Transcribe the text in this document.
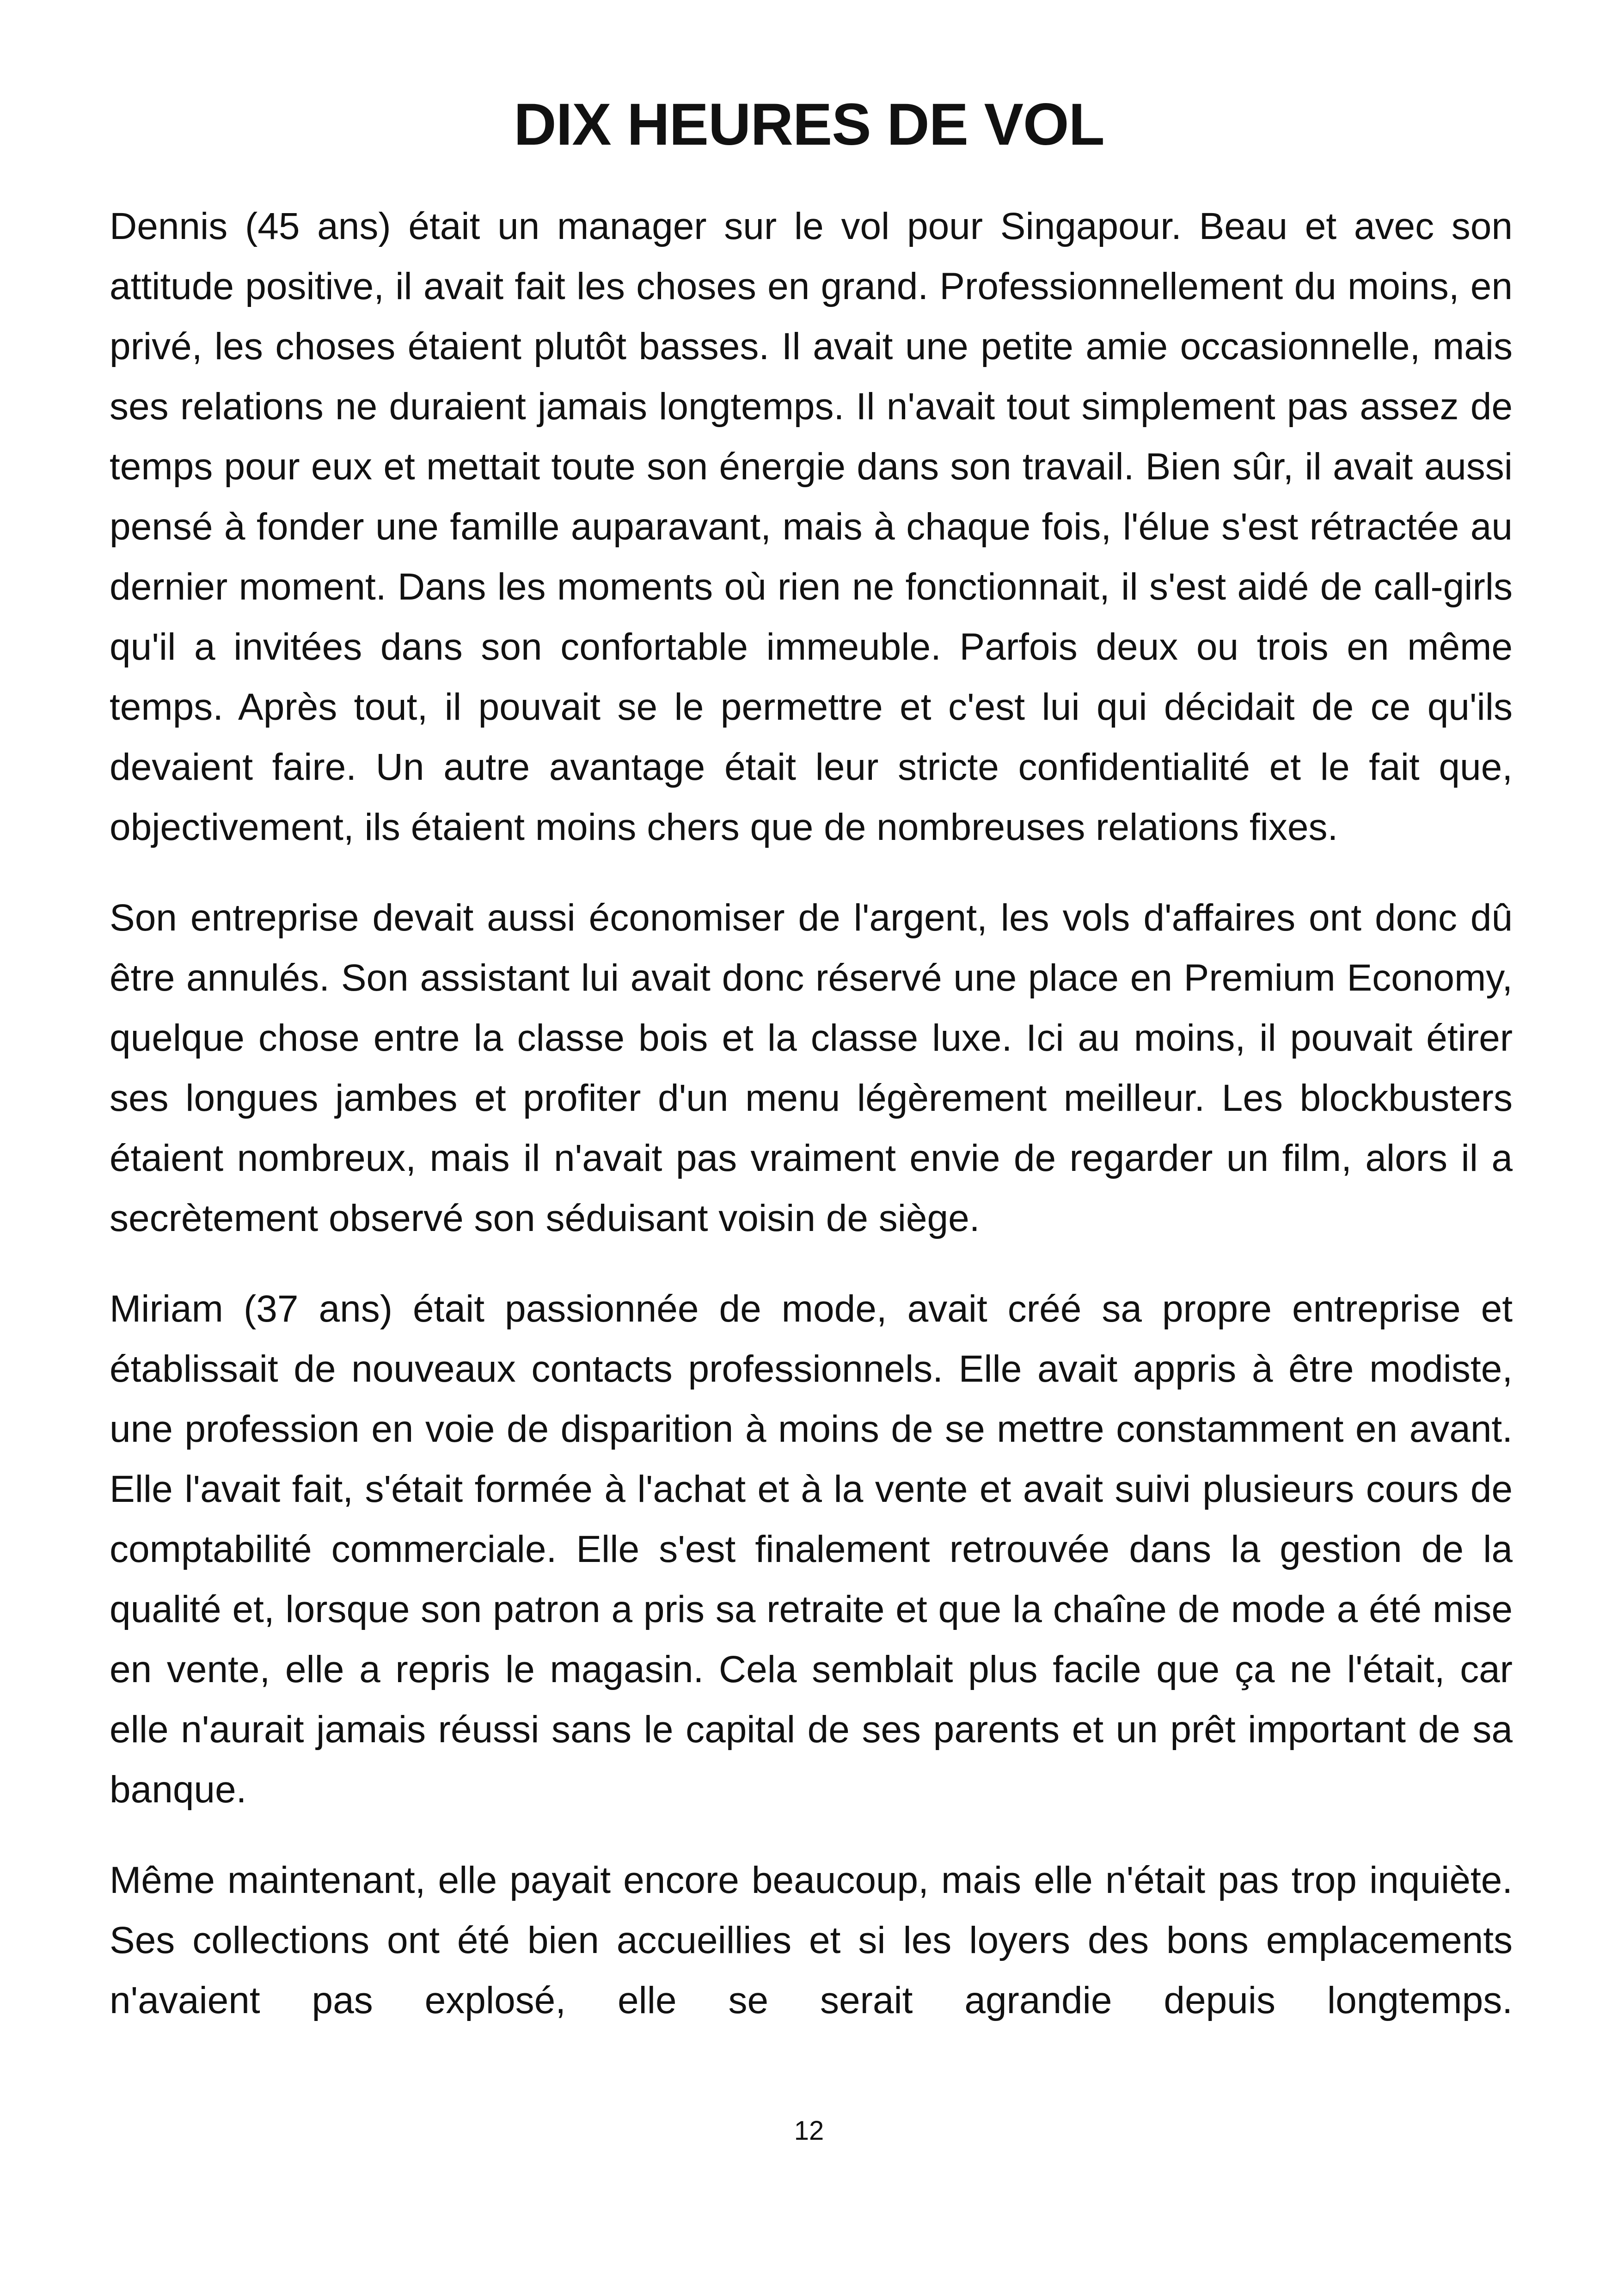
DIX HEURES DE VOL

Dennis (45 ans) était un manager sur le vol pour Singapour. Beau et avec son attitude positive, il avait fait les choses en grand. Professionnellement du moins, en privé, les choses étaient plutôt basses. Il avait une petite amie occasionnelle, mais ses relations ne duraient jamais longtemps. Il n'avait tout simplement pas assez de temps pour eux et mettait toute son énergie dans son travail. Bien sûr, il avait aussi pensé à fonder une famille auparavant, mais à chaque fois, l'élue s'est rétractée au dernier moment. Dans les moments où rien ne fonctionnait, il s'est aidé de call-girls qu'il a invitées dans son confortable immeuble. Parfois deux ou trois en même temps. Après tout, il pouvait se le permettre et c'est lui qui décidait de ce qu'ils devaient faire. Un autre avantage était leur stricte confidentialité et le fait que, objectivement, ils étaient moins chers que de nombreuses relations fixes.

Son entreprise devait aussi économiser de l'argent, les vols d'affaires ont donc dû être annulés. Son assistant lui avait donc réservé une place en Premium Economy, quelque chose entre la classe bois et la classe luxe. Ici au moins, il pouvait étirer ses longues jambes et profiter d'un menu légèrement meilleur. Les blockbusters étaient nombreux, mais il n'avait pas vraiment envie de regarder un film, alors il a secrètement observé son séduisant voisin de siège.

Miriam (37 ans) était passionnée de mode, avait créé sa propre entreprise et établissait de nouveaux contacts professionnels. Elle avait appris à être modiste, une profession en voie de disparition à moins de se mettre constamment en avant. Elle l'avait fait, s'était formée à l'achat et à la vente et avait suivi plusieurs cours de comptabilité commerciale. Elle s'est finalement retrouvée dans la gestion de la qualité et, lorsque son patron a pris sa retraite et que la chaîne de mode a été mise en vente, elle a repris le magasin. Cela semblait plus facile que ça ne l'était, car elle n'aurait jamais réussi sans le capital de ses parents et un prêt important de sa banque.

Même maintenant, elle payait encore beaucoup, mais elle n'était pas trop inquiète. Ses collections ont été bien accueillies et si les loyers des bons emplacements n'avaient pas explosé, elle se serait agrandie depuis longtemps.

12
